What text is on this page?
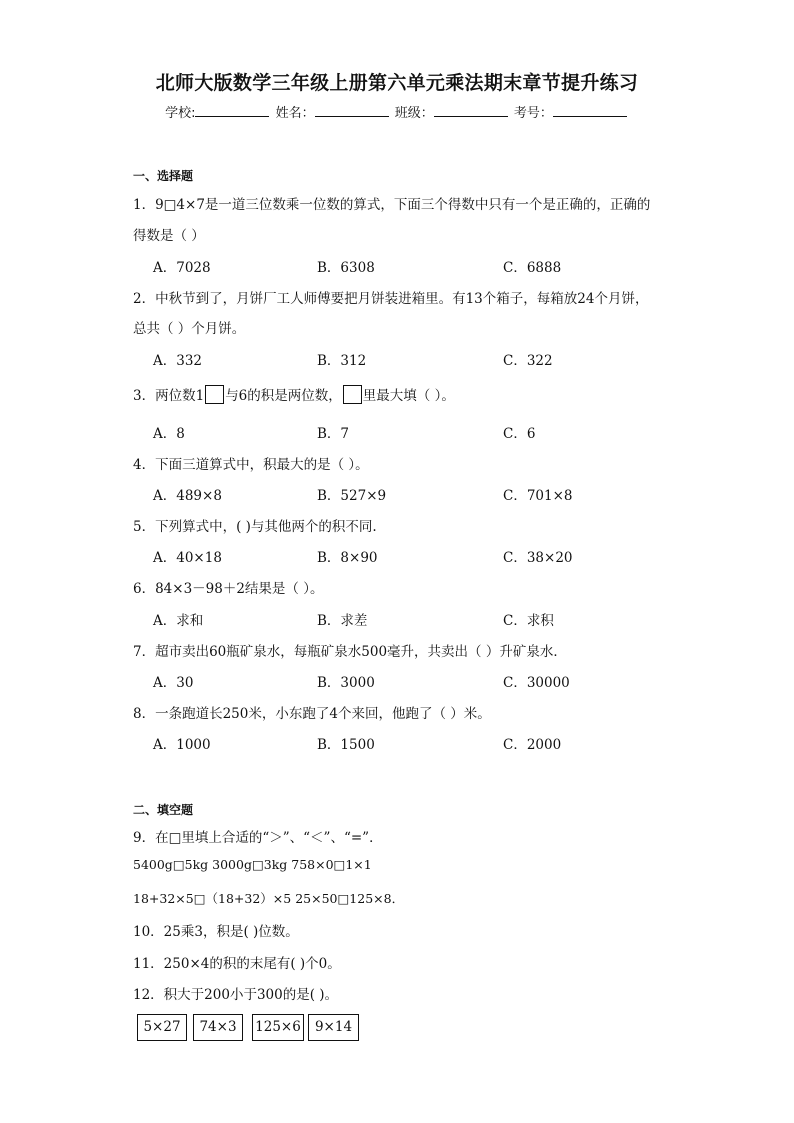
北师大版数学三年级上册第六单元乘法期末章节提升练习
学校:	姓名：	班级：	考号：
一、选择题
1．9□4×7是一道三位数乘一位数的算式，下面三个得数中只有一个是正确的，正确的
得数是（ ）
A．7028	B．6308	C．6888
2．中秋节到了，月饼厂工人师傅要把月饼装进箱里。有13个箱子，每箱放24个月饼，
总共（ ）个月饼。
A．332	B．312	C．322
3．两位数1 与6的积是两位数， 里最大填（ ）。
A．8	B．7	C．6
4．下面三道算式中，积最大的是（ ）。
A．489×8	B．527×9	C．701×8
5．下列算式中，( )与其他两个的积不同.
A．40×18	B．8×90	C．38×20
6．84×3－98＋2结果是（ ）。
A．求和	B．求差	C．求积
7．超市卖出60瓶矿泉水，每瓶矿泉水500毫升，共卖出（ ）升矿泉水．
A．30	B．3000	C．30000
8．一条跑道长250米，小东跑了4个来回，他跑了（ ）米。
A．1000	B．1500	C．2000
二、填空题
9．在□里填上合适的“＞”、“＜”、“=”．
5400g□5kg 3000g□3kg 758×0□1×1
18+32×5□（18+32）×5 25×50□125×8．
10．25乘3，积是( )位数。
11．250×4的积的末尾有( )个0。
12．积大于200小于300的是( )。
5×27	74×3	125×6	9×14
